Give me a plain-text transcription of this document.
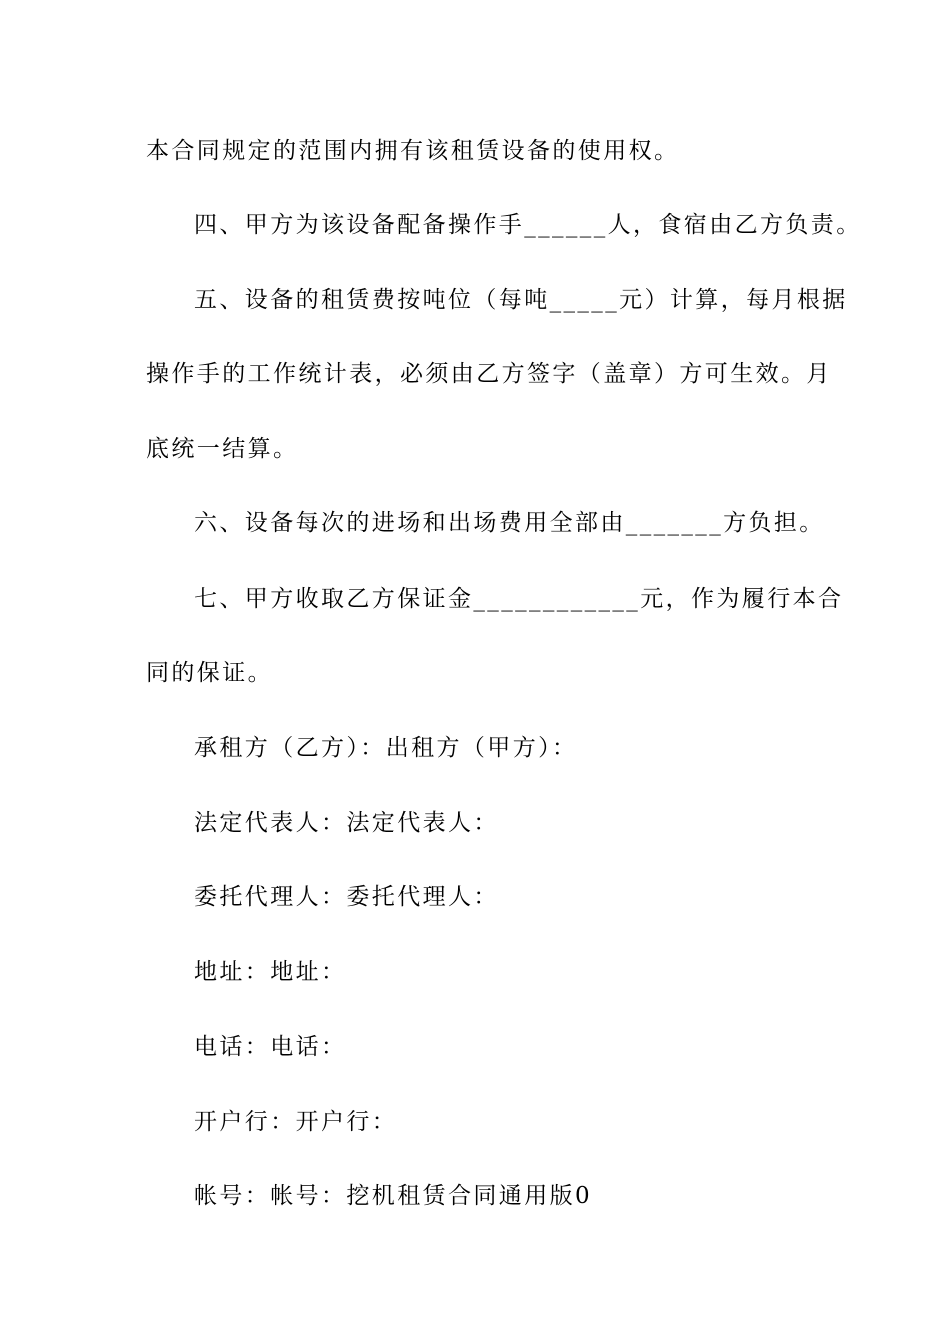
本合同规定的范围内拥有该租赁设备的使用权。
四、甲方为该设备配备操作手______人，食宿由乙方负责。
五、设备的租赁费按吨位（每吨_____元）计算，每月根据
操作手的工作统计表，必须由乙方签字（盖章）方可生效。月
底统一结算。
六、设备每次的进场和出场费用全部由_______方负担。
七、甲方收取乙方保证金____________元，作为履行本合
同的保证。
承租方（乙方）：出租方（甲方）：
法定代表人：法定代表人：
委托代理人：委托代理人：
地址：地址：
电话：电话：
开户行：开户行：
帐号：帐号：挖机租赁合同通用版0
